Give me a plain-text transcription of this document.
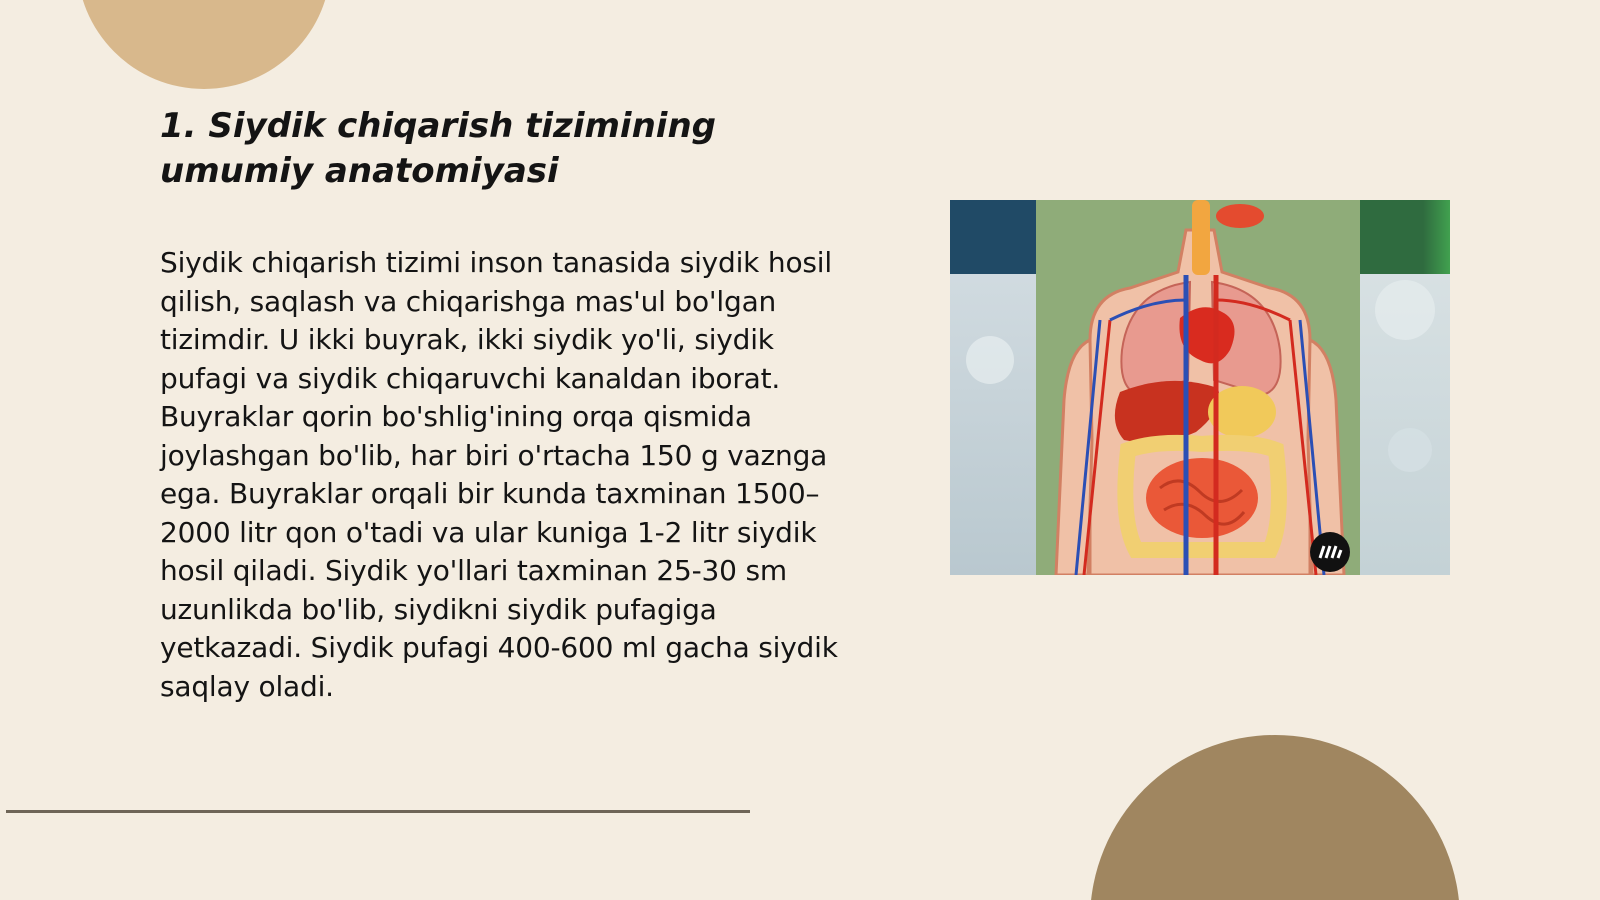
1. Siydik chiqarish tizimining umumiy anatomiyasi

Siydik chiqarish tizimi inson tanasida siydik hosil qilish, saqlash va chiqarishga mas'ul bo'lgan tizimdir. U ikki buyrak, ikki siydik yo'li, siydik pufagi va siydik chiqaruvchi kanaldan iborat. Buyraklar qorin bo'shlig'ining orqa qismida joylashgan bo'lib, har biri o'rtacha 150 g vaznga ega. Buyraklar orqali bir kunda taxminan 1500–2000 litr qon o'tadi va ular kuniga 1-2 litr siydik hosil qiladi. Siydik yo'llari taxminan 25-30 sm uzunlikda bo'lib, siydikni siydik pufagiga yetkazadi. Siydik pufagi 400-600 ml gacha siydik saqlay oladi.
